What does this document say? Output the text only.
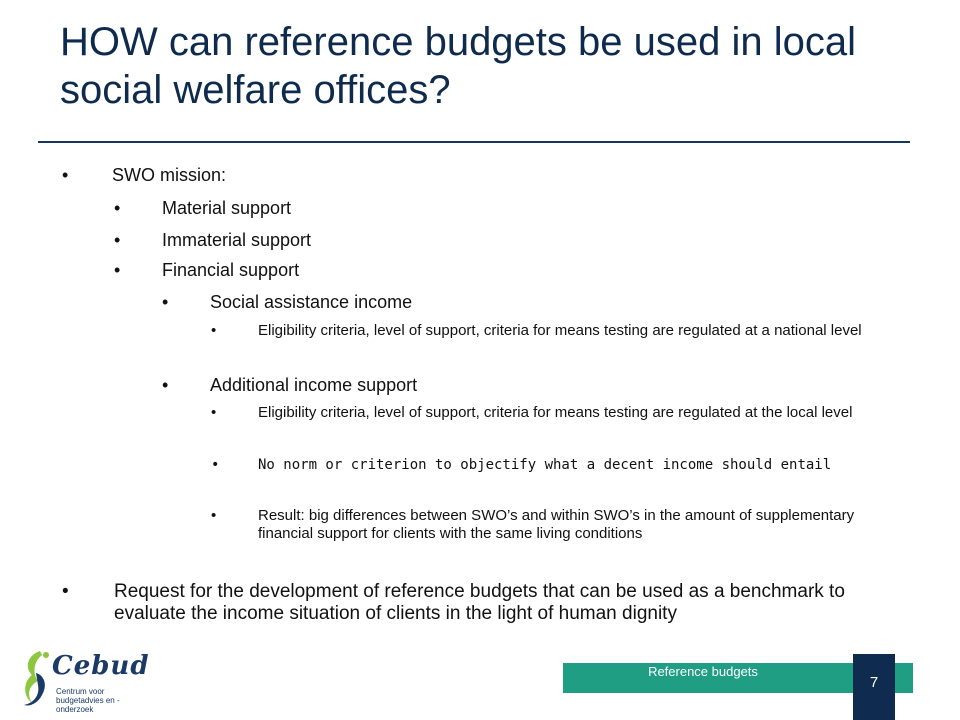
HOW can reference budgets be used in local social welfare offices?
• SWO mission:
• Material support
• Immaterial support
• Financial support
• Social assistance income
•	Eligibility criteria, level of support, criteria for means testing are regulated at a national level
• Additional income support
•	Eligibility criteria, level of support, criteria for means testing are regulated at the local level
•	No norm or criterion to objectify what a decent income should entail
•	Result: big differences between SWO’s and within SWO’s in the amount of supplementary financial support for clients with the same living conditions
• Request for the development of reference budgets that can be used as a benchmark to evaluate the income situation of clients in the light of human dignity
Cebud
Centrum voor budgetadvies en -onderzoek
Reference budgets
7
